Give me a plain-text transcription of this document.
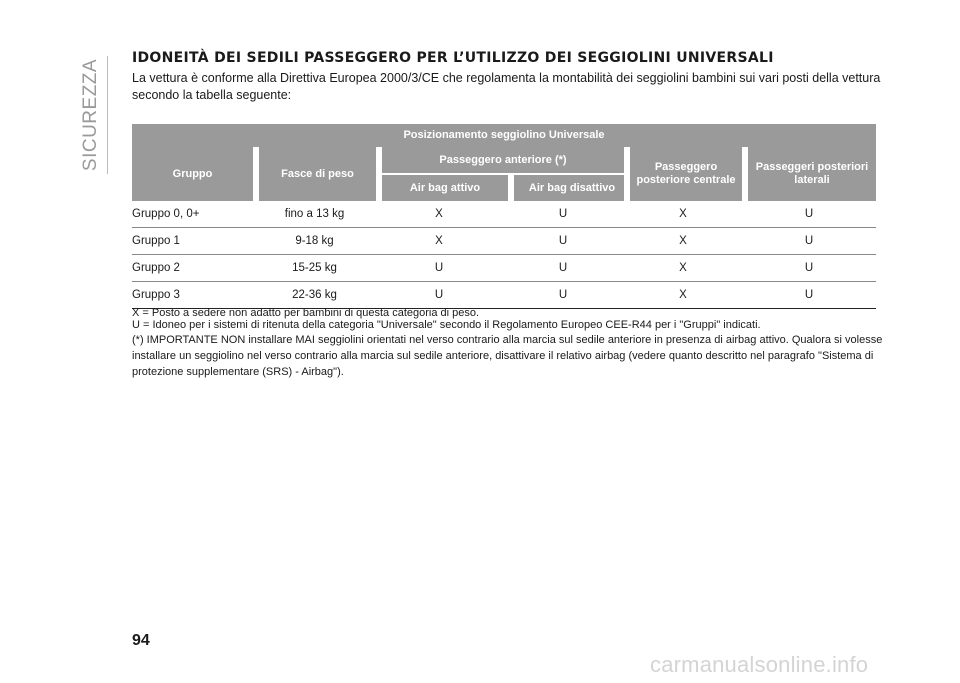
SICUREZZA
IDONEITÀ DEI SEDILI PASSEGGERO PER L’UTILIZZO DEI SEGGIOLINI UNIVERSALI
La vettura è conforme alla Direttiva Europea 2000/3/CE che regolamenta la montabilità dei seggiolini bambini sui vari posti della vettura secondo la tabella seguente:
Posizionamento seggiolino Universale
Gruppo	Fasce di peso
Passeggero anteriore (*)
Air bag attivo	Air bag disattivo
Passeggero posteriore centrale
Passeggeri posteriori laterali
Gruppo 0, 0+	fino a 13 kg	X	U	X	U
Gruppo 1	9-18 kg	X	U	X	U
Gruppo 2	15-25 kg	U	U	X	U
Gruppo 3	22-36 kg	U	U	X	U

X = Posto a sedere non adatto per bambini di questa categoria di peso.

U = Idoneo per i sistemi di ritenuta della categoria "Universale" secondo il Regolamento Europeo CEE-R44 per i "Gruppi" indicati.

(*) IMPORTANTE NON installare MAI seggiolini orientati nel verso contrario alla marcia sul sedile anteriore in presenza di airbag attivo. Qualora si volesse installare un seggiolino nel verso contrario alla marcia sul sedile anteriore, disattivare il relativo airbag (vedere quanto descritto nel paragrafo "Sistema di protezione supplementare (SRS) - Airbag").

94
carmanualsonline.info
